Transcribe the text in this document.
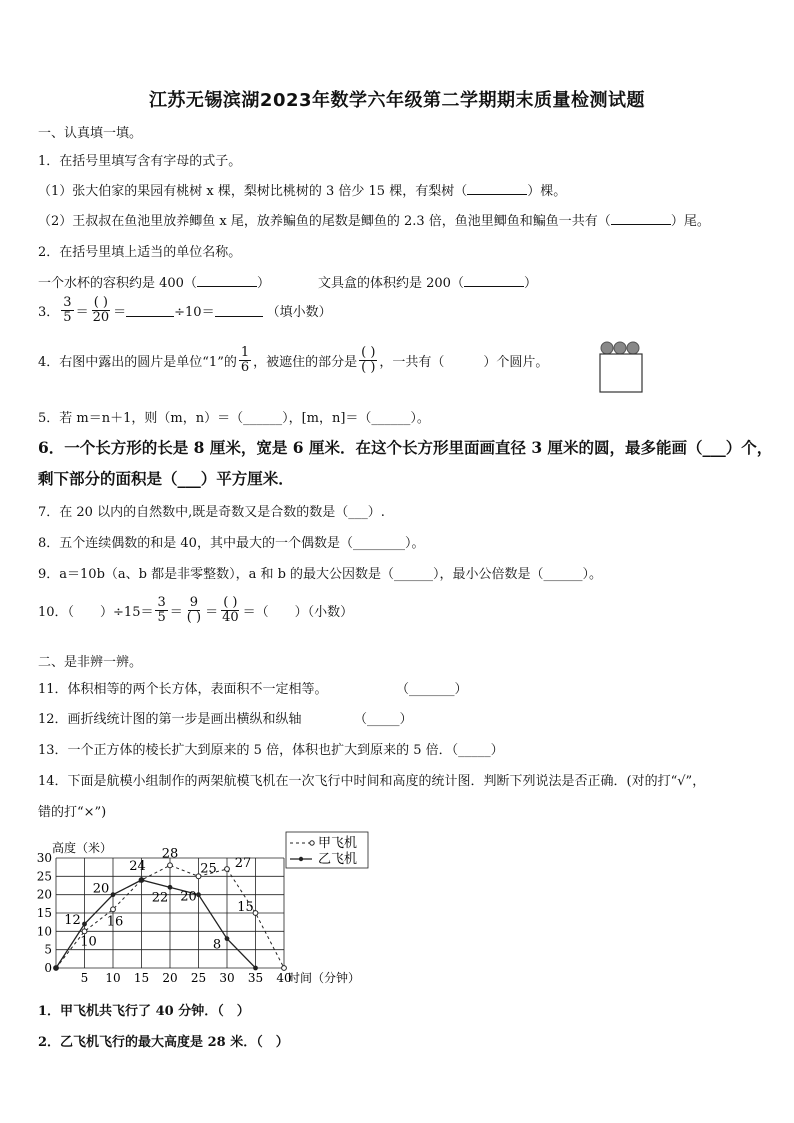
江苏无锡滨湖2023年数学六年级第二学期期末质量检测试题
一、认真填一填。
1．在括号里填写含有字母的式子。
（1）张大伯家的果园有桃树 x 棵，梨树比桃树的 3 倍少 15 棵，有梨树（	）棵。
（2）王叔叔在鱼池里放养鲫鱼 x 尾，放养鳊鱼的尾数是鲫鱼的 2.3 倍，鱼池里鲫鱼和鳊鱼一共有（	）尾。
2．在括号里填上适当的单位名称。
一个水杯的容积约是 400（	）	文具盒的体积约是 200（	）
3． $\frac{3}{5} = \frac{( )}{20}$ ＝	÷10＝	（填小数）
4．右图中露出的圆片是单位“1”的 $\frac{1}{6}$ ，被遮住的部分是 $\frac{( )}{( )}$ ，一共有（　　　）个圆片。
5．若 m＝n＋1，则（m，n）＝（______），[m，n]＝（______）。
6．一个长方形的长是 8 厘米，宽是 6 厘米．在这个长方形里面画直径 3 厘米的圆，最多能画（___）个，
剩下部分的面积是（___）平方厘米．
7．在 20 以内的自然数中,既是奇数又是合数的数是（___）.
8．五个连续偶数的和是 40，其中最大的一个偶数是（________）。
9．a＝10b（a、b 都是非零整数），a 和 b 的最大公因数是（______），最小公倍数是（______）。
10．（　　）$\div 15= \frac{3}{5} = \frac{9}{( )} = \frac{( )}{40}$ ＝（　　）（小数）
二、是非辨一辨。
11．体积相等的两个长方体，表面积不一定相等。	（_______）
12．画折线统计图的第一步是画出横纵和纵轴	（_____）
13．一个正方体的棱长扩大到原来的 5 倍，体积也扩大到原来的 5 倍．（_____）
14．下面是航模小组制作的两架航模飞机在一次飞行中时间和高度的统计图．判断下列说法是否正确．(对的打“√”，
错的打“×”)
0
5
10
15
20
25
30
5 10 15 20 25 30 35 40
高度（米）
时间（分钟）
10
16
24
28
25 27
15
12
20
22 20
8
甲飞机
乙飞机
1．甲飞机共飞行了 40 分钟．（　）
2．乙飞机飞行的最大高度是 28 米．（　）
